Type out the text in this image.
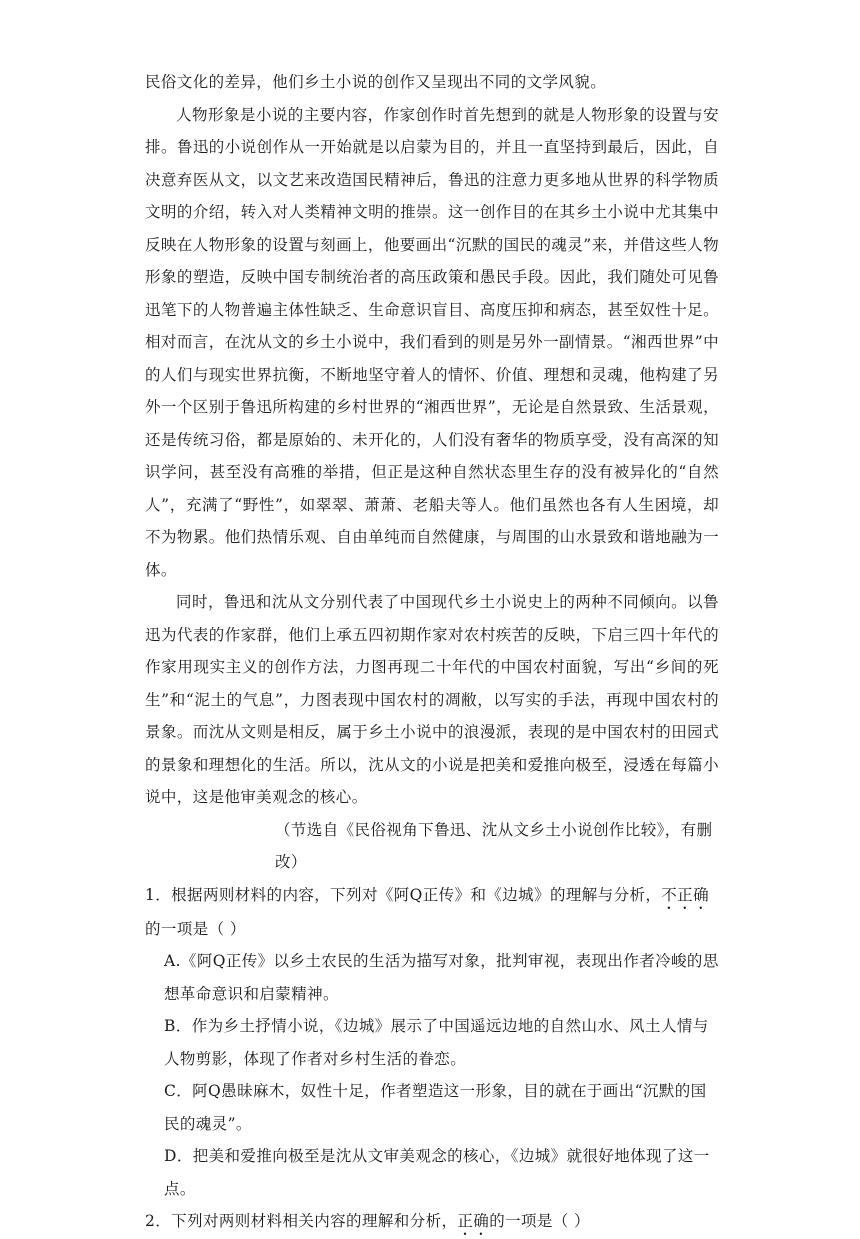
民俗文化的差异，他们乡土小说的创作又呈现出不同的文学风貌。

人物形象是小说的主要内容，作家创作时首先想到的就是人物形象的设置与安排。鲁迅的小说创作从一开始就是以启蒙为目的，并且一直坚持到最后，因此，自决意弃医从文，以文艺来改造国民精神后，鲁迅的注意力更多地从世界的科学物质文明的介绍，转入对人类精神文明的推崇。这一创作目的在其乡土小说中尤其集中反映在人物形象的设置与刻画上，他要画出“沉默的国民的魂灵”来，并借这些人物形象的塑造，反映中国专制统治者的高压政策和愚民手段。因此，我们随处可见鲁迅笔下的人物普遍主体性缺乏、生命意识盲目、高度压抑和病态，甚至奴性十足。相对而言，在沈从文的乡土小说中，我们看到的则是另外一副情景。“湘西世界”中的人们与现实世界抗衡，不断地坚守着人的情怀、价值、理想和灵魂，他构建了另外一个区别于鲁迅所构建的乡村世界的“湘西世界”，无论是自然景致、生活景观，还是传统习俗，都是原始的、未开化的，人们没有奢华的物质享受，没有高深的知识学问，甚至没有高雅的举措，但正是这种自然状态里生存的没有被异化的“自然人”，充满了“野性”，如翠翠、萧萧、老船夫等人。他们虽然也各有人生困境，却不为物累。他们热情乐观、自由单纯而自然健康，与周围的山水景致和谐地融为一体。

同时，鲁迅和沈从文分别代表了中国现代乡土小说史上的两种不同倾向。以鲁迅为代表的作家群，他们上承五四初期作家对农村疾苦的反映，下启三四十年代的作家用现实主义的创作方法，力图再现二十年代的中国农村面貌，写出“乡间的死生”和“泥土的气息”，力图表现中国农村的凋敝，以写实的手法，再现中国农村的景象。而沈从文则是相反，属于乡土小说中的浪漫派，表现的是中国农村的田园式的景象和理想化的生活。所以，沈从文的小说是把美和爱推向极至，浸透在每篇小说中，这是他审美观念的核心。

（节选自《民俗视角下鲁迅、沈从文乡土小说创作比较》，有删改）

1．根据两则材料的内容，下列对《阿Q正传》和《边城》的理解与分析，不正确的一项是（ ）

A.《阿Q正传》以乡土农民的生活为描写对象，批判审视，表现出作者冷峻的思想革命意识和启蒙精神。

B．作为乡土抒情小说，《边城》展示了中国遥远边地的自然山水、风土人情与人物剪影，体现了作者对乡村生活的眷恋。

C．阿Q愚昧麻木，奴性十足，作者塑造这一形象，目的就在于画出“沉默的国民的魂灵”。

D．把美和爱推向极至是沈从文审美观念的核心，《边城》就很好地体现了这一点。

2．下列对两则材料相关内容的理解和分析，正确的一项是（ ）
